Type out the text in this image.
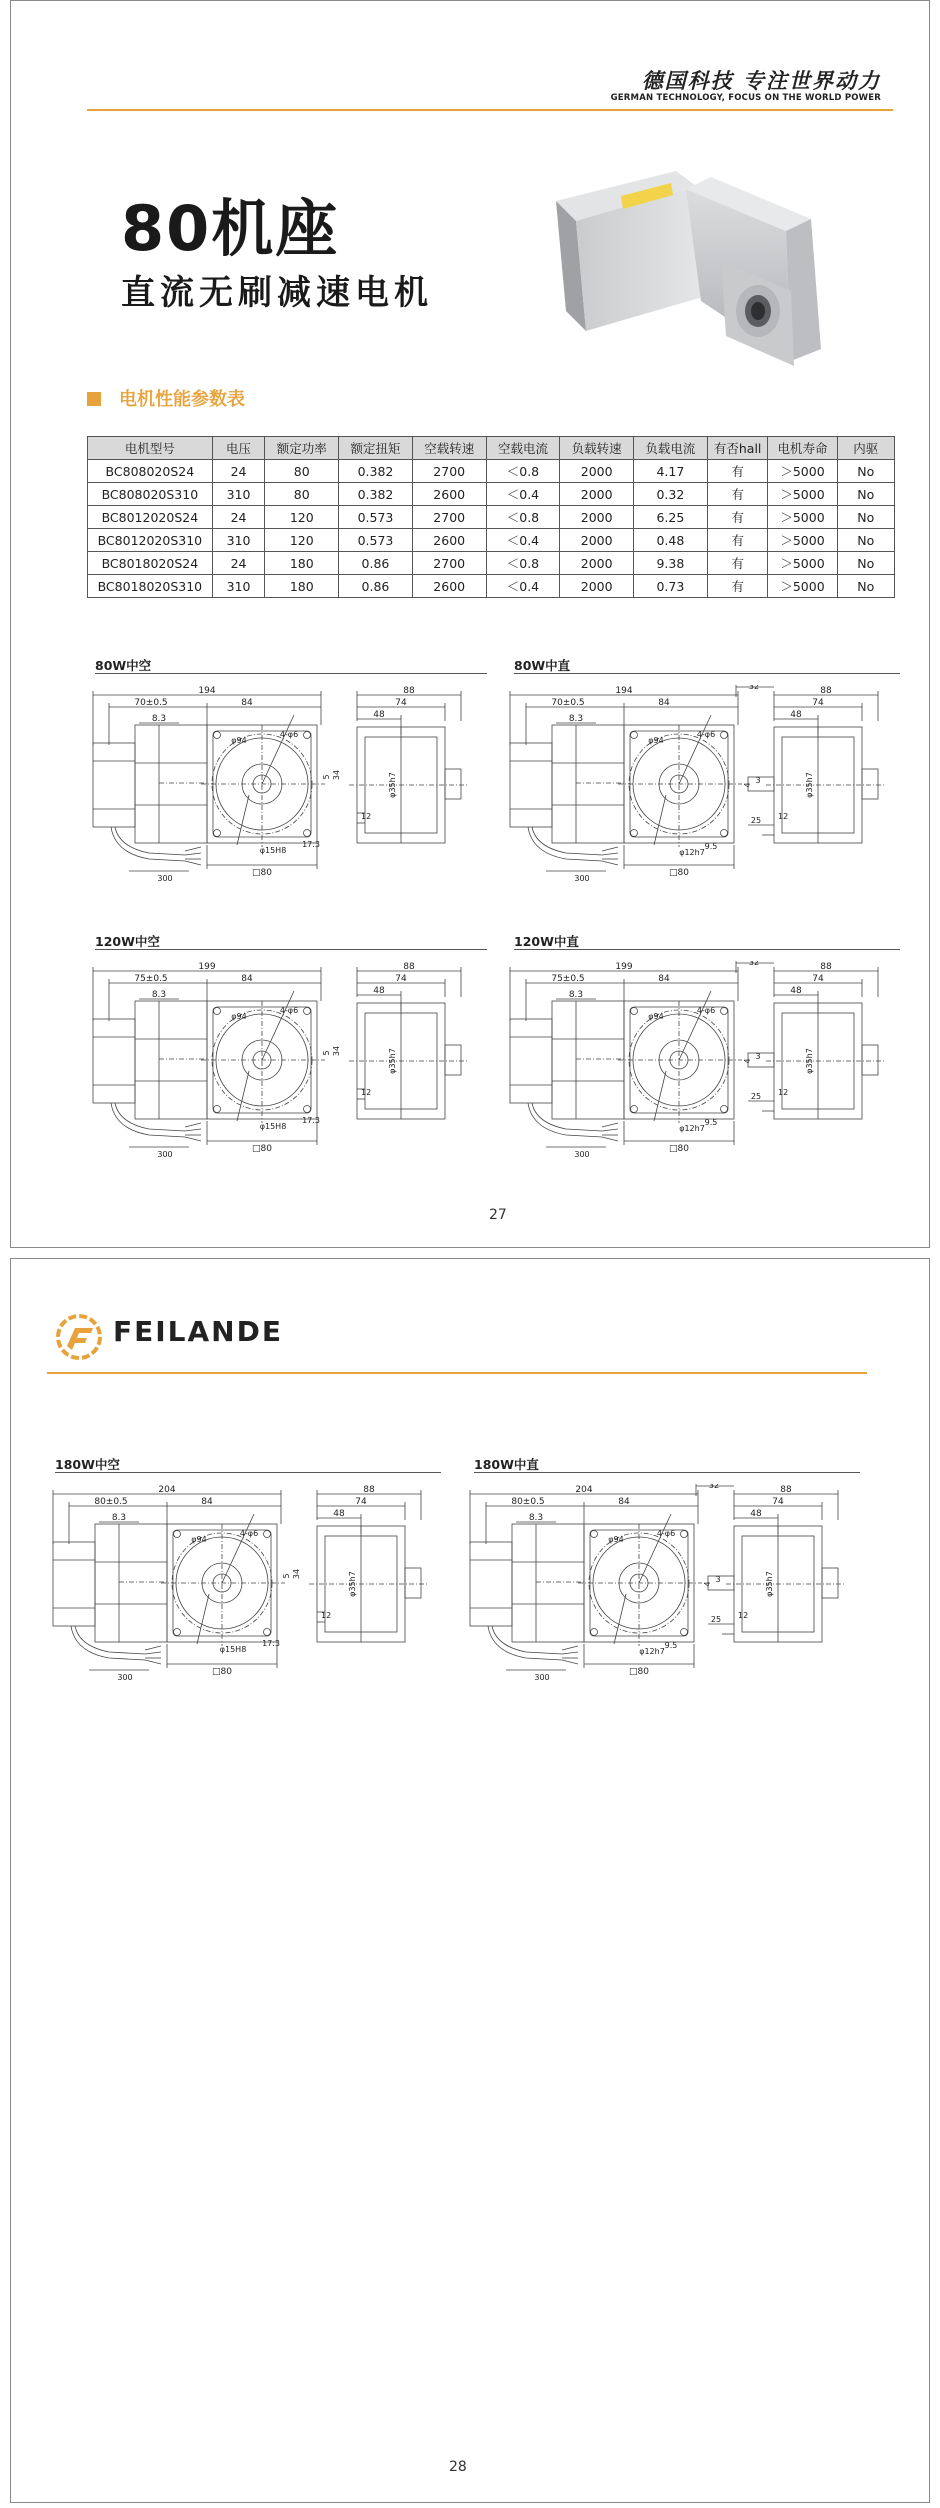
德国科技 专注世界动力
GERMAN TECHNOLOGY, FOCUS ON THE WORLD POWER
80机座
直流无刷减速电机
电机性能参数表
电机型号	电压	额定功率	额定扭矩	空载转速	空载电流	负载转速	负载电流	有否hall	电机寿命	内驱
BC808020S24	24	80	0.382	2700	＜0.8	2000	4.17	有	＞5000	No
BC808020S310	310	80	0.382	2600	＜0.4	2000	0.32	有	＞5000	No
BC8012020S24	24	120	0.573	2700	＜0.8	2000	6.25	有	＞5000	No
BC8012020S310	310	120	0.573	2600	＜0.4	2000	0.48	有	＞5000	No
BC8018020S24	24	180	0.86	2700	＜0.8	2000	9.38	有	＞5000	No
BC8018020S310	310	180	0.86	2600	＜0.4	2000	0.73	有	＞5000	No
80W中空	80W中直
120W中空	120W中直
194
70±0.5	84
8.3
φ94
4-φ6
□80
300
φ15H8
17.3
5 34
88
74
48
12
φ35h7
194
70±0.5	84
8.3
φ94
4-φ6
□80
300
φ12h7
9.5
32
3
25
4
88
74
48
12
φ35h7
199
75±0.5	84
8.3
φ94
4-φ6
□80
300
φ15H8
17.3
5 34
88
74
48
12
φ35h7
199
75±0.5	84
8.3
φ94
4-φ6
□80
300
φ12h7
9.5
32
3
25
4
88
74
48
12
φ35h7
27
FEILANDE
180W中空	180W中直
204
80±0.5	84
8.3
φ94
4-φ6
□80
300
φ15H8
17.3
5 34
88
74
48
12
φ35h7
204
80±0.5	84
8.3
φ94
4-φ6
□80
300
φ12h7
9.5
32
3
25
4
88
74
48
12
φ35h7
28
